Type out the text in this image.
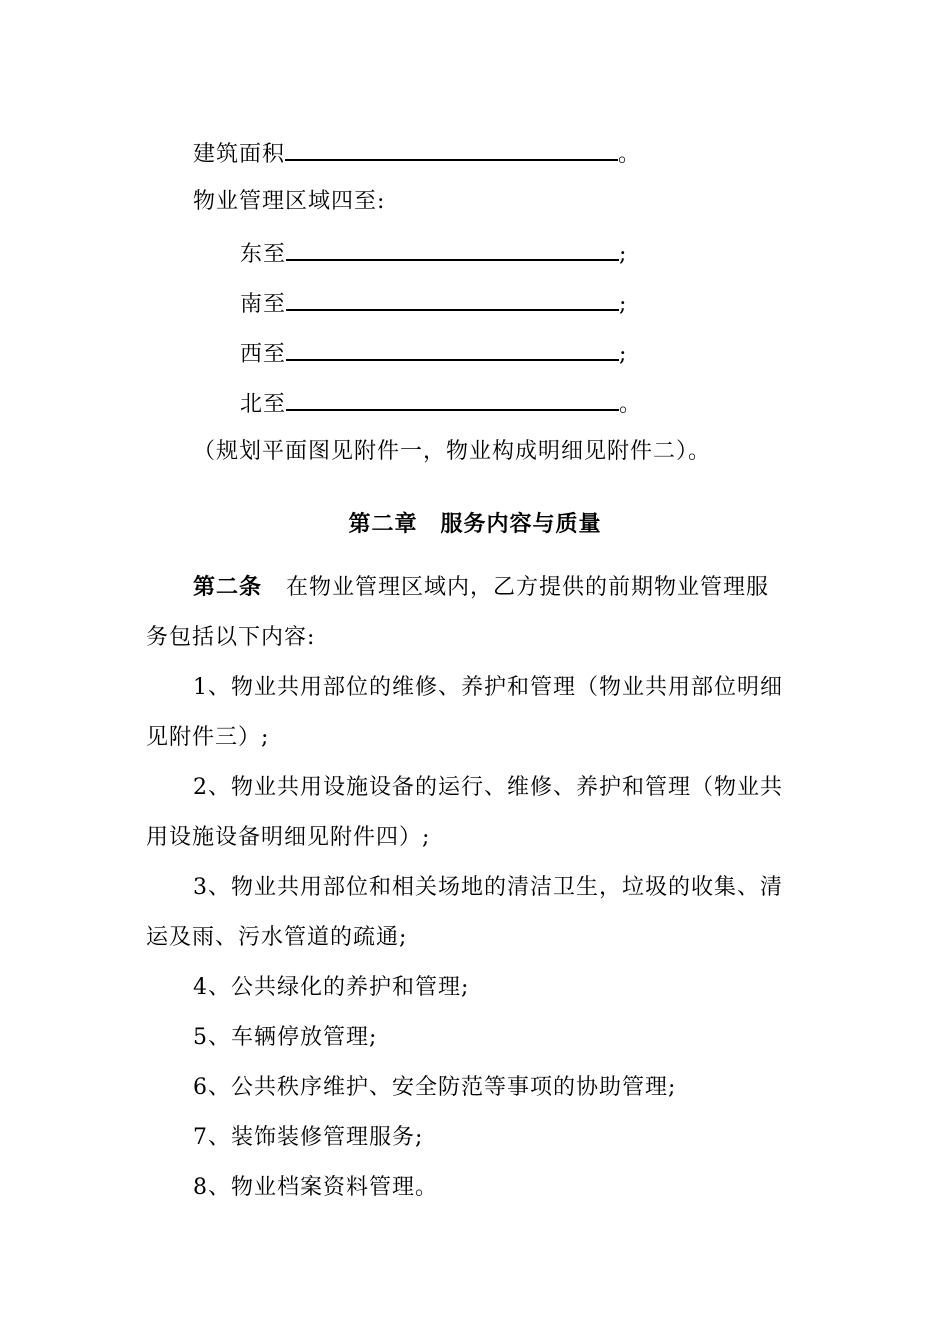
建筑面积	。
物业管理区域四至:
东至	;
南至	;
西至	;
北至	。
（规划平面图见附件一，物业构成明细见附件二）。
第二章　服务内容与质量
第二条 在物业管理区域内，乙方提供的前期物业管理服
务包括以下内容:
1、物业共用部位的维修、养护和管理（物业共用部位明细
见附件三）;
2、物业共用设施设备的运行、维修、养护和管理（物业共
用设施设备明细见附件四）;
3、物业共用部位和相关场地的清洁卫生，垃圾的收集、清
运及雨、污水管道的疏通;
4、公共绿化的养护和管理;
5、车辆停放管理;
6、公共秩序维护、安全防范等事项的协助管理;
7、装饰装修管理服务;
8、物业档案资料管理。
